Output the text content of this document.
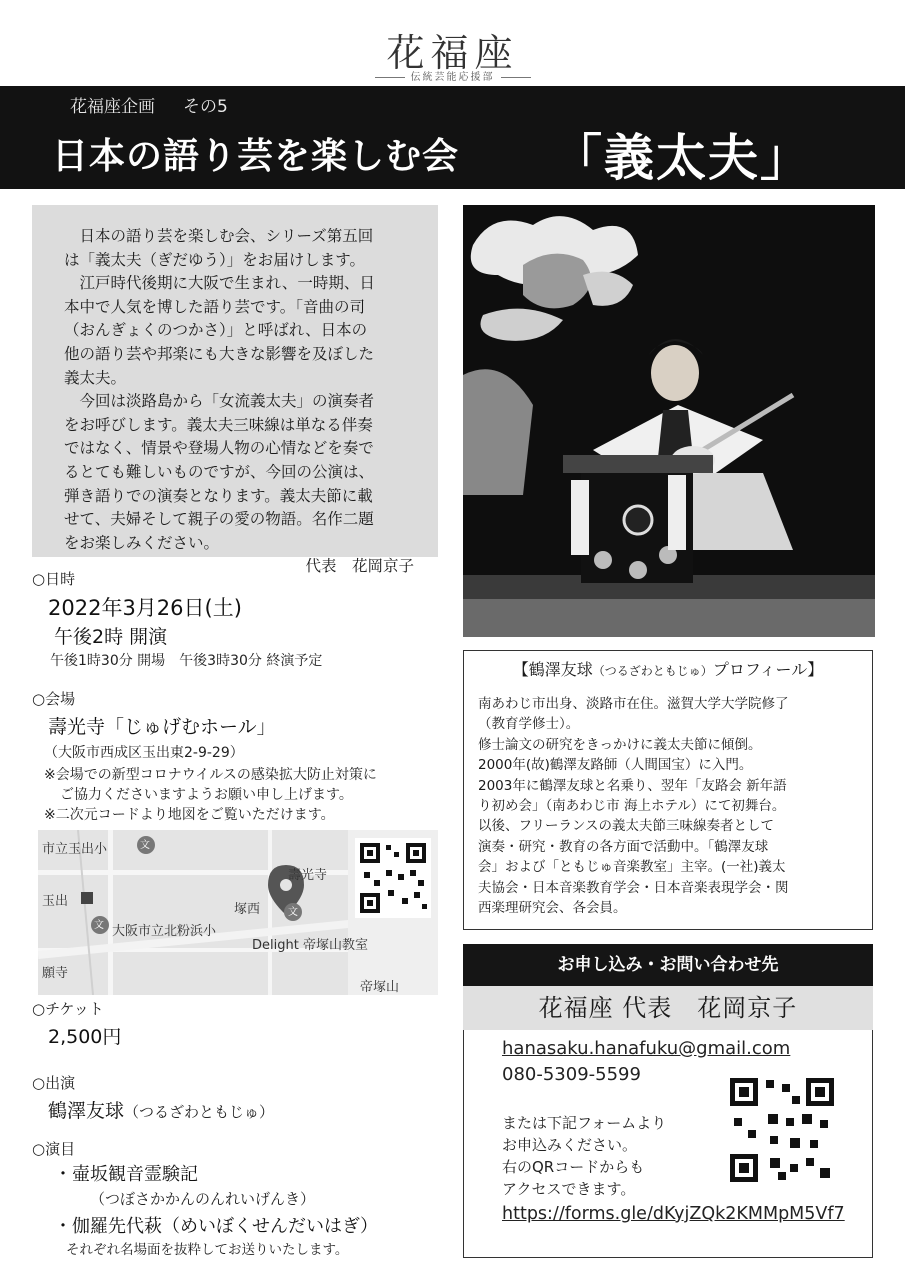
花福座
伝統芸能応援部
花福座企画 その5
日本の語り芸を楽しむ会 「義太夫」

日本の語り芸を楽しむ会、シリーズ第五回

は「義太夫（ぎだゆう）」をお届けします。

江戸時代後期に大阪で生まれ、一時期、日

本中で人気を博した語り芸です。「音曲の司

（おんぎょくのつかさ）」と呼ばれ、日本の

他の語り芸や邦楽にも大きな影響を及ぼした

義太夫。

今回は淡路島から「女流義太夫」の演奏者

をお呼びします。義太夫三味線は単なる伴奏

ではなく、情景や登場人物の心情などを奏で

るとても難しいものですが、今回の公演は、

弾き語りでの演奏となります。義太夫節に載

せて、夫婦そして親子の愛の物語。名作二題

をお楽しみください。

代表　花岡京子

○日時
2022年3月26日(土)
午後2時 開演
午後1時30分 開場　午後3時30分 終演予定
○会場
壽光寺「じゅげむホール」
（大阪市西成区玉出東2-9-29）
※会場での新型コロナウイルスの感染拡大防止対策に
ご協力くださいますようお願い申し上げます。
※二次元コードより地図をご覧いただけます。
市立玉出小	文
壽光寺
玉出
塚西
文 大阪市立北粉浜小
文
Delight 帝塚山教室
願寺
帝塚山
○チケット
2,500円
○出演
鶴澤友球（つるざわともじゅ）
○演目
・壷坂観音霊験記
（つぼさかかんのんれいげんき）
・伽羅先代萩（めいぼくせんだいはぎ）
それぞれ名場面を抜粋してお送りいたします。
【鶴澤友球（つるざわともじゅ）プロフィール】
南あわじ市出身、淡路市在住。滋賀大学大学院修了
（教育学修士）。
修士論文の研究をきっかけに義太夫節に傾倒。
2000年(故)鶴澤友路師（人間国宝）に入門。
2003年に鶴澤友球と名乗り、翌年「友路会 新年語
り初め会」（南あわじ市 海上ホテル）にて初舞台。
以後、フリーランスの義太夫節三味線奏者として
演奏・研究・教育の各方面で活動中。「鶴澤友球
会」および「ともじゅ音楽教室」主宰。(一社)義太
夫協会・日本音楽教育学会・日本音楽表現学会・関
西楽理研究会、各会員。
お申し込み・お問い合わせ先
花福座 代表　花岡京子
hanasaku.hanafuku@gmail.com
080-5309-5599
または下記フォームより
お申込みください。
右のQRコードからも
アクセスできます。
https://forms.gle/dKyjZQk2KMMpM5Vf7
